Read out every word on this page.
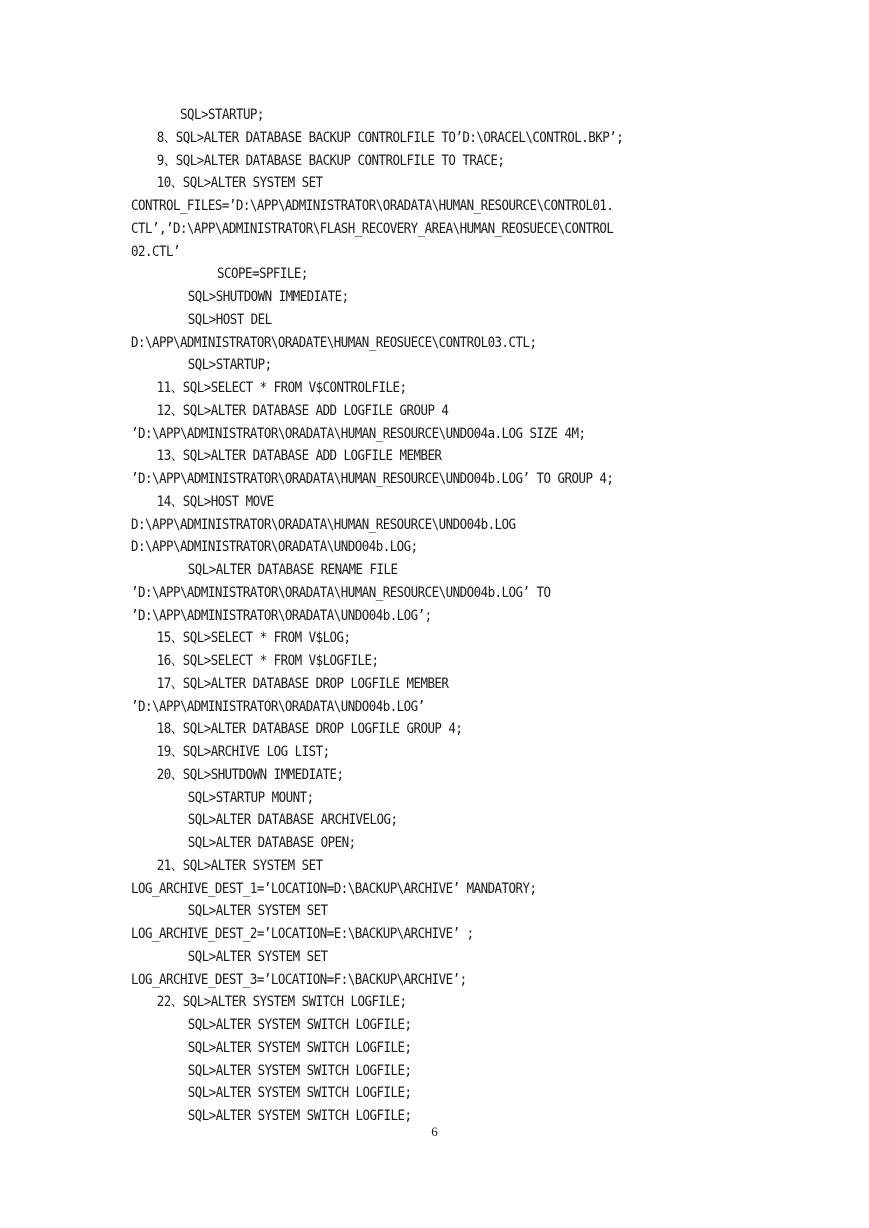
SQL>STARTUP;
8、SQL>ALTER DATABASE BACKUP CONTROLFILE TO’D:\ORACEL\CONTROL.BKP’;
9、SQL>ALTER DATABASE BACKUP CONTROLFILE TO TRACE;
10、SQL>ALTER SYSTEM SET
CONTROL_FILES=’D:\APP\ADMINISTRATOR\ORADATA\HUMAN_RESOURCE\CONTROL01.
CTL’,’D:\APP\ADMINISTRATOR\FLASH_RECOVERY_AREA\HUMAN_REOSUECE\CONTROL
02.CTL’
SCOPE=SPFILE;
SQL>SHUTDOWN IMMEDIATE;
SQL>HOST DEL
D:\APP\ADMINISTRATOR\ORADATE\HUMAN_REOSUECE\CONTROL03.CTL;
SQL>STARTUP;
11、SQL>SELECT * FROM V$CONTROLFILE;
12、SQL>ALTER DATABASE ADD LOGFILE GROUP 4
’D:\APP\ADMINISTRATOR\ORADATA\HUMAN_RESOURCE\UNDO04a.LOG SIZE 4M;
13、SQL>ALTER DATABASE ADD LOGFILE MEMBER
’D:\APP\ADMINISTRATOR\ORADATA\HUMAN_RESOURCE\UNDO04b.LOG’ TO GROUP 4;
14、SQL>HOST MOVE
D:\APP\ADMINISTRATOR\ORADATA\HUMAN_RESOURCE\UNDO04b.LOG
D:\APP\ADMINISTRATOR\ORADATA\UNDO04b.LOG;
SQL>ALTER DATABASE RENAME FILE
’D:\APP\ADMINISTRATOR\ORADATA\HUMAN_RESOURCE\UNDO04b.LOG’ TO
’D:\APP\ADMINISTRATOR\ORADATA\UNDO04b.LOG’;
15、SQL>SELECT * FROM V$LOG;
16、SQL>SELECT * FROM V$LOGFILE;
17、SQL>ALTER DATABASE DROP LOGFILE MEMBER
’D:\APP\ADMINISTRATOR\ORADATA\UNDO04b.LOG’
18、SQL>ALTER DATABASE DROP LOGFILE GROUP 4;
19、SQL>ARCHIVE LOG LIST;
20、SQL>SHUTDOWN IMMEDIATE;
SQL>STARTUP MOUNT;
SQL>ALTER DATABASE ARCHIVELOG;
SQL>ALTER DATABASE OPEN;
21、SQL>ALTER SYSTEM SET
LOG_ARCHIVE_DEST_1=’LOCATION=D:\BACKUP\ARCHIVE’ MANDATORY;
SQL>ALTER SYSTEM SET
LOG_ARCHIVE_DEST_2=’LOCATION=E:\BACKUP\ARCHIVE’ ;
SQL>ALTER SYSTEM SET
LOG_ARCHIVE_DEST_3=’LOCATION=F:\BACKUP\ARCHIVE’;
22、SQL>ALTER SYSTEM SWITCH LOGFILE;
SQL>ALTER SYSTEM SWITCH LOGFILE;
SQL>ALTER SYSTEM SWITCH LOGFILE;
SQL>ALTER SYSTEM SWITCH LOGFILE;
SQL>ALTER SYSTEM SWITCH LOGFILE;
SQL>ALTER SYSTEM SWITCH LOGFILE;
6
